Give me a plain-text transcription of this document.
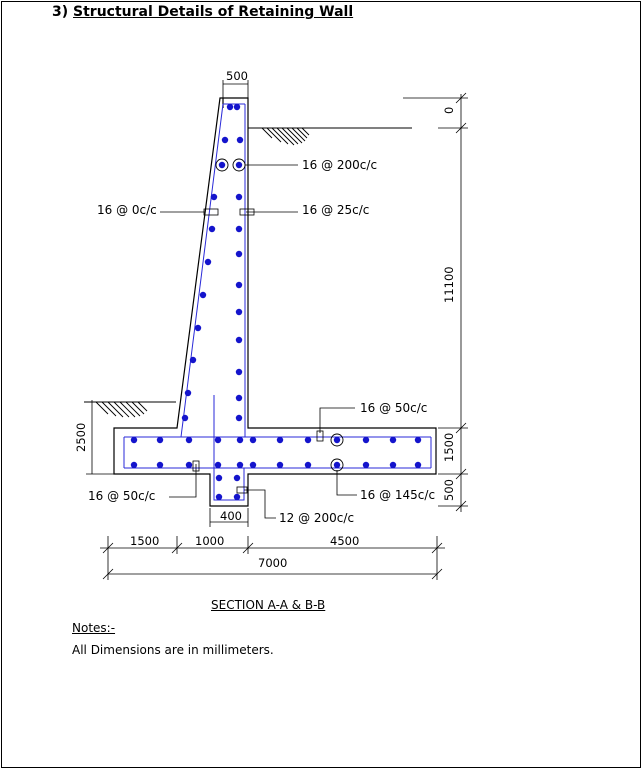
3) Structural Details of Retaining Wall
500
0
11100
1500
500
2500
400
1500	1000	4500
7000
16 @ 200c/c
16 @ 0c/c	16 @ 25c/c
16 @ 50c/c
16 @ 50c/c	16 @ 145c/c
12 @ 200c/c
SECTION A-A & B-B
Notes:-
All Dimensions are in millimeters.
